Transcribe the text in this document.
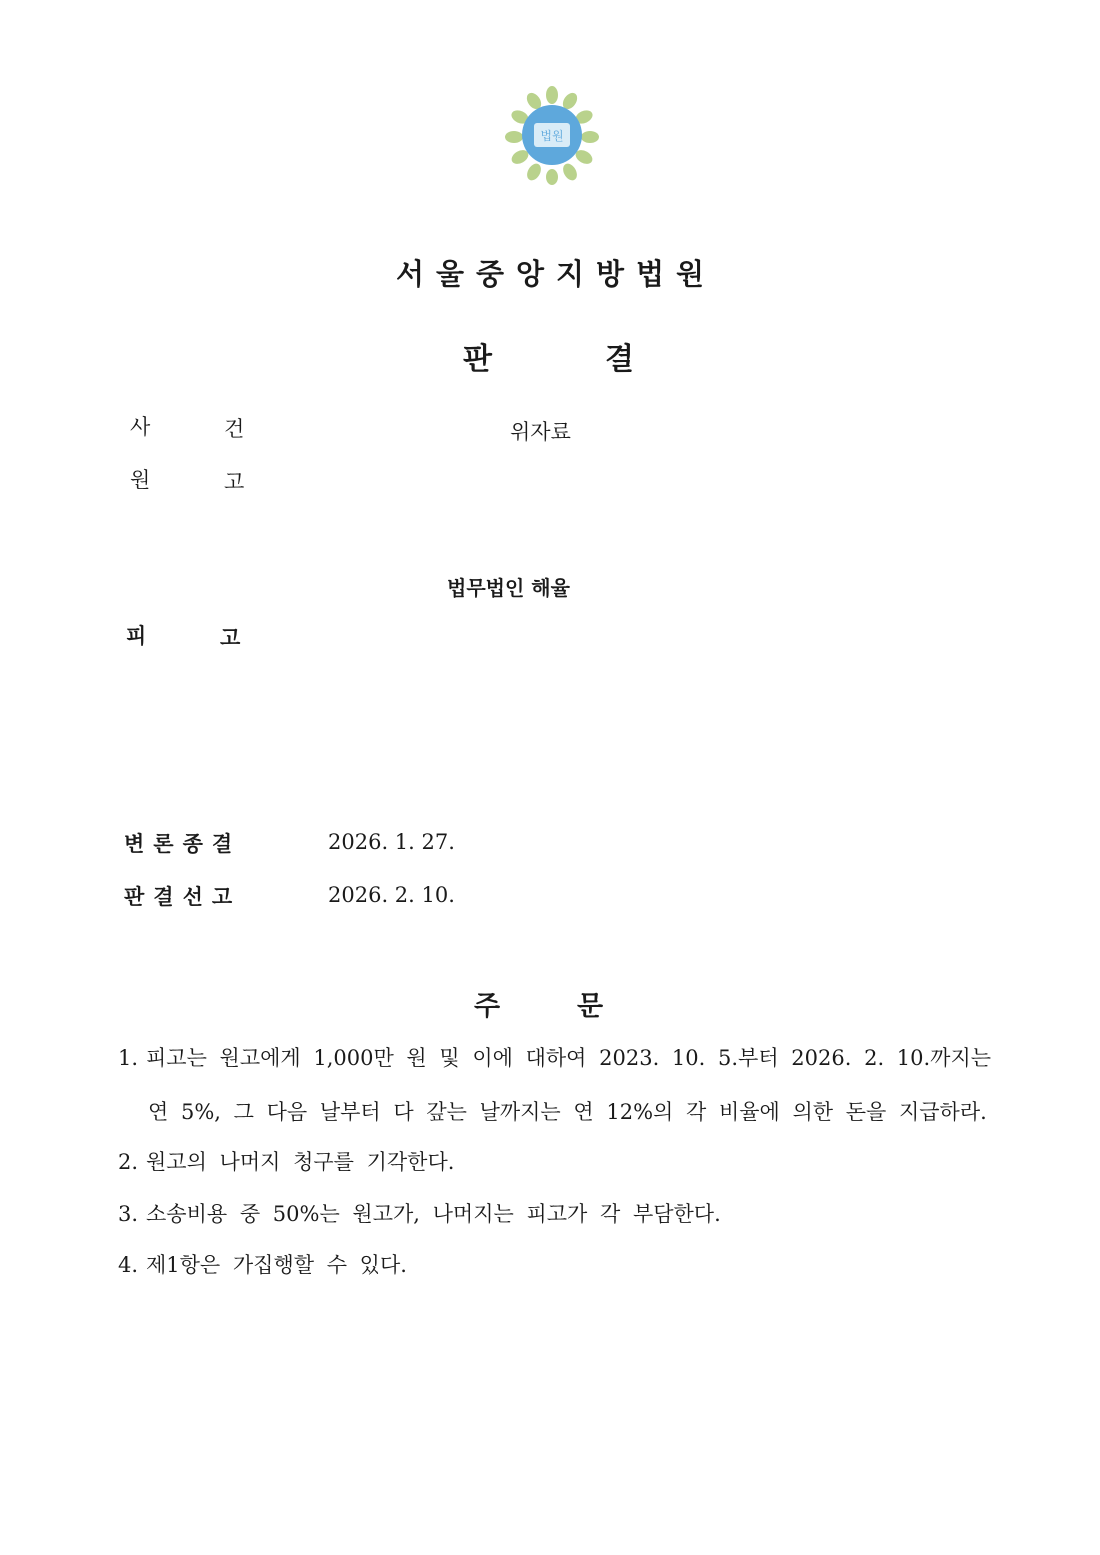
법원
서울중앙지방법원
판	결
사	건	위자료
원	고
법무법인 해율
피	고
변론종결	2026. 1. 27.
판결선고	2026. 2. 10.
주	문
1. 피고는 원고에게 1,000만 원 및 이에 대하여 2023. 10. 5.부터 2026. 2. 10.까지는
연 5%, 그 다음 날부터 다 갚는 날까지는 연 12%의 각 비율에 의한 돈을 지급하라.
2. 원고의 나머지 청구를 기각한다.
3. 소송비용 중 50%는 원고가, 나머지는 피고가 각 부담한다.
4. 제1항은 가집행할 수 있다.
